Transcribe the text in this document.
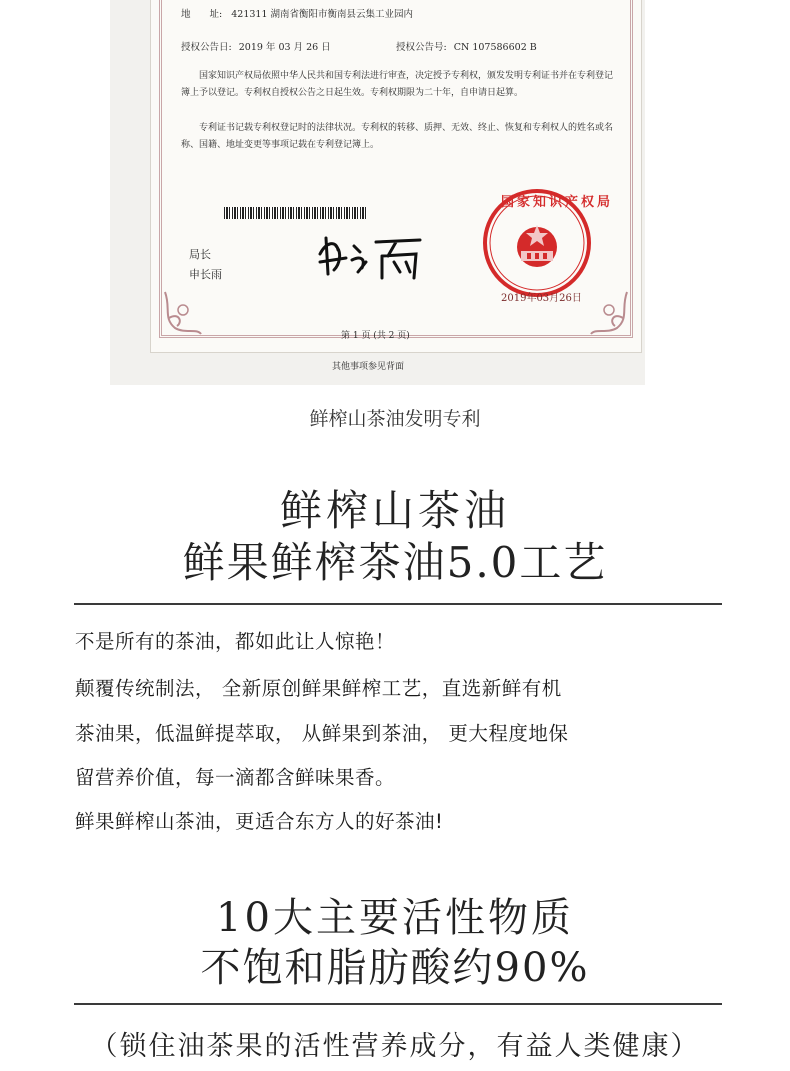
地　　址: 421311 湖南省衡阳市衡南县云集工业园内
授权公告日: 2019 年 03 月 26 日	授权公告号: CN 107586602 B
国家知识产权局依照中华人民共和国专利法进行审查，决定授予专利权，颁发发明专利证书并在专利登记簿上予以登记。专利权自授权公告之日起生效。专利权期限为二十年，自申请日起算。
专利证书记载专利权登记时的法律状况。专利权的转移、质押、无效、终止、恢复和专利权人的姓名或名称、国籍、地址变更等事项记载在专利登记簿上。
局长
申长雨
国家知识产权局
2019年03月26日
第 1 页 (共 2 页)
其他事项参见背面
鲜榨山茶油发明专利
鲜榨山茶油
鲜果鲜榨茶油5.0工艺
不是所有的茶油，都如此让人惊艳！
颠覆传统制法， 全新原创鲜果鲜榨工艺，直选新鲜有机
茶油果，低温鲜提萃取， 从鲜果到茶油， 更大程度地保
留营养价值，每一滴都含鲜味果香。
鲜果鲜榨山茶油，更适合东方人的好茶油!
10大主要活性物质
不饱和脂肪酸约90%
（锁住油茶果的活性营养成分，有益人类健康）
